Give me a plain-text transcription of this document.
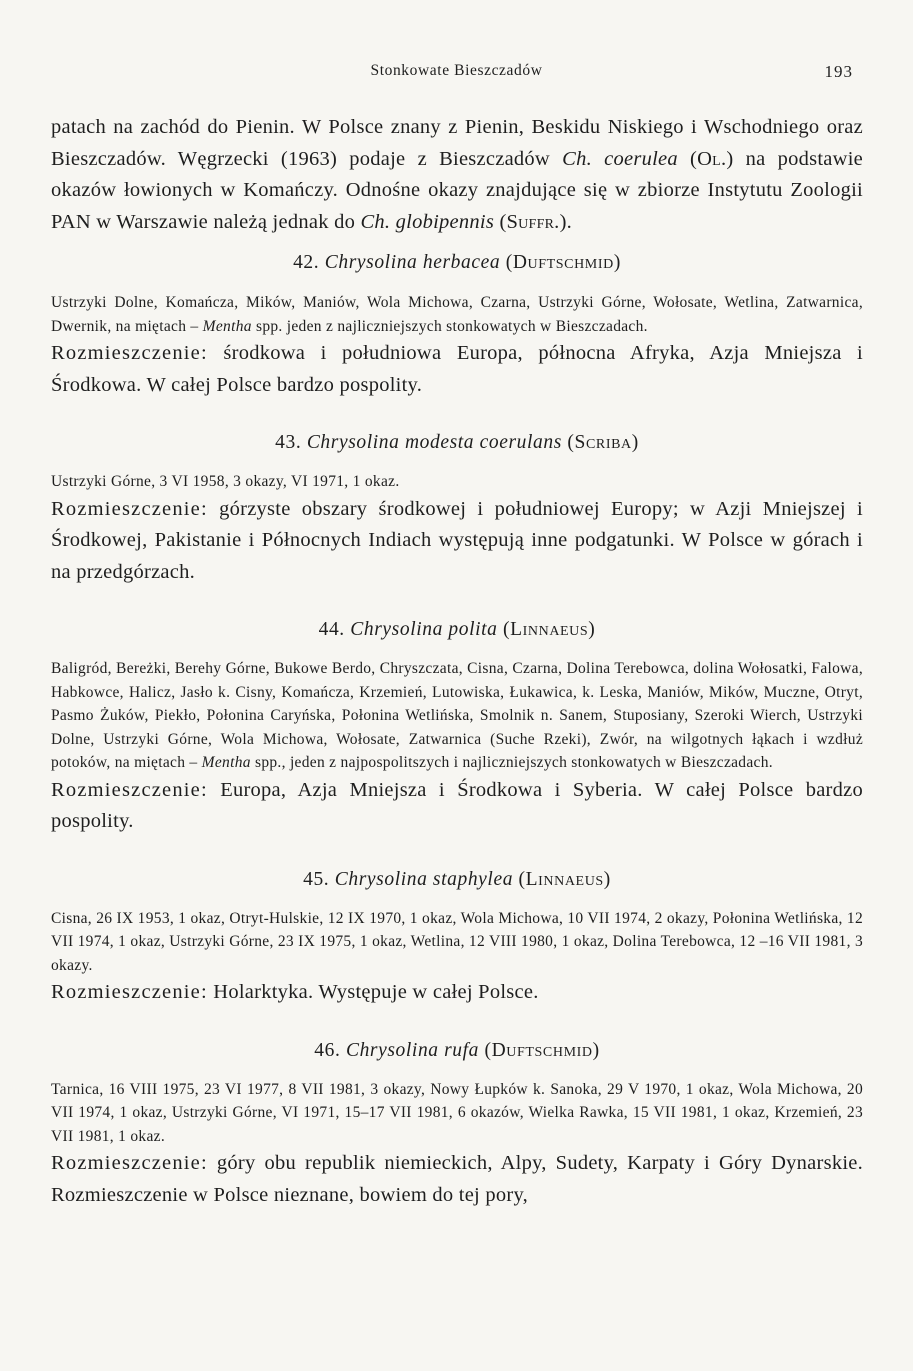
Stonkowate Bieszczadów	193

patach na zachód do Pienin. W Polsce znany z Pienin, Beskidu Niskiego i Wschodniego oraz Bieszczadów. Węgrzecki (1963) podaje z Bieszczadów Ch. coerulea (Ol.) na podstawie okazów łowionych w Komańczy. Odnośne okazy znajdujące się w zbiorze Instytutu Zoologii PAN w Warszawie należą jednak do Ch. globipennis (Suffr.).

42. Chrysolina herbacea (Duftschmid)

Ustrzyki Dolne, Komańcza, Mików, Maniów, Wola Michowa, Czarna, Ustrzyki Górne, Wołosate, Wetlina, Zatwarnica, Dwernik, na miętach – Mentha spp. jeden z najliczniejszych stonkowatych w Bieszczadach.

Rozmieszczenie: środkowa i południowa Europa, północna Afryka, Azja Mniejsza i Środkowa. W całej Polsce bardzo pospolity.

43. Chrysolina modesta coerulans (Scriba)

Ustrzyki Górne, 3 VI 1958, 3 okazy, VI 1971, 1 okaz.

Rozmieszczenie: górzyste obszary środkowej i południowej Europy; w Azji Mniejszej i Środkowej, Pakistanie i Północnych Indiach występują inne podgatunki. W Polsce w górach i na przedgórzach.

44. Chrysolina polita (Linnaeus)

Baligród, Bereżki, Berehy Górne, Bukowe Berdo, Chryszczata, Cisna, Czarna, Dolina Terebowca, dolina Wołosatki, Falowa, Habkowce, Halicz, Jasło k. Cisny, Komańcza, Krzemień, Lutowiska, Łukawica, k. Leska, Maniów, Mików, Muczne, Otryt, Pasmo Żuków, Piekło, Połonina Caryńska, Połonina Wetlińska, Smolnik n. Sanem, Stuposiany, Szeroki Wierch, Ustrzyki Dolne, Ustrzyki Górne, Wola Michowa, Wołosate, Zatwarnica (Suche Rzeki), Zwór, na wilgotnych łąkach i wzdłuż potoków, na miętach – Mentha spp., jeden z najpospolitszych i najliczniejszych stonkowatych w Bieszczadach.

Rozmieszczenie: Europa, Azja Mniejsza i Środkowa i Syberia. W całej Polsce bardzo pospolity.

45. Chrysolina staphylea (Linnaeus)

Cisna, 26 IX 1953, 1 okaz, Otryt-Hulskie, 12 IX 1970, 1 okaz, Wola Michowa, 10 VII 1974, 2 okazy, Połonina Wetlińska, 12 VII 1974, 1 okaz, Ustrzyki Górne, 23 IX 1975, 1 okaz, Wetlina, 12 VIII 1980, 1 okaz, Dolina Terebowca, 12 –16 VII 1981, 3 okazy.

Rozmieszczenie: Holarktyka. Występuje w całej Polsce.

46. Chrysolina rufa (Duftschmid)

Tarnica, 16 VIII 1975, 23 VI 1977, 8 VII 1981, 3 okazy, Nowy Łupków k. Sanoka, 29 V 1970, 1 okaz, Wola Michowa, 20 VII 1974, 1 okaz, Ustrzyki Górne, VI 1971, 15–17 VII 1981, 6 okazów, Wielka Rawka, 15 VII 1981, 1 okaz, Krzemień, 23 VII 1981, 1 okaz.

Rozmieszczenie: góry obu republik niemieckich, Alpy, Sudety, Karpaty i Góry Dynarskie. Rozmieszczenie w Polsce nieznane, bowiem do tej pory,
